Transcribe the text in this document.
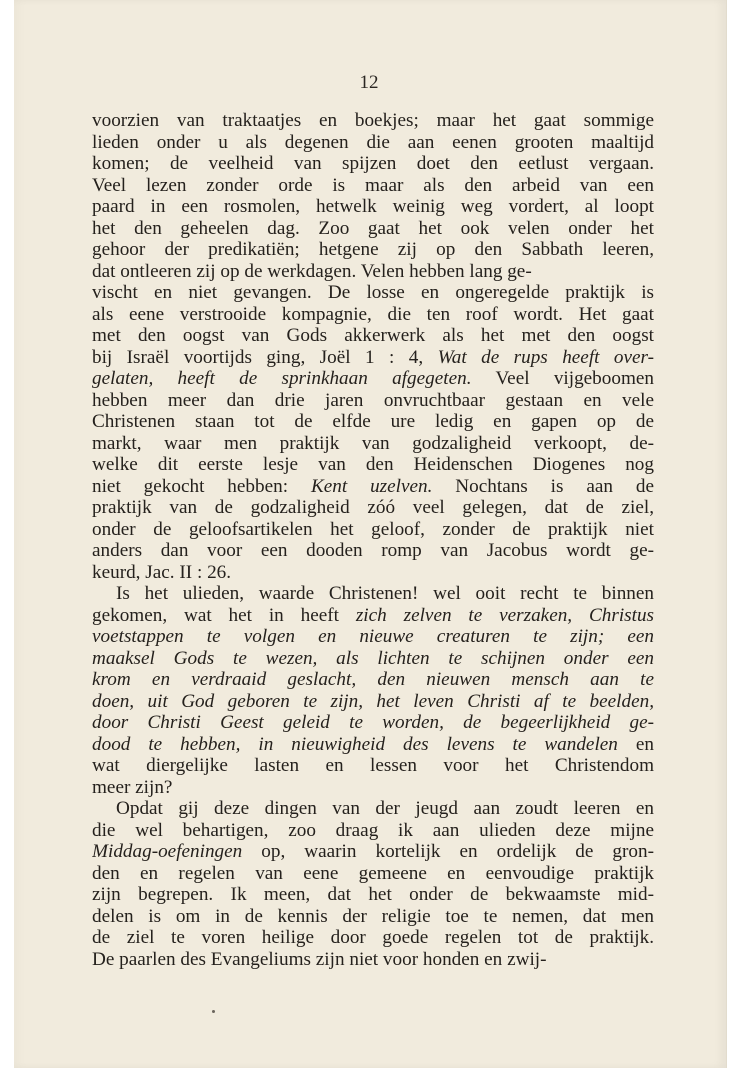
12
voorzien van traktaatjes en boekjes; maar het gaat sommige
lieden onder u als degenen die aan eenen grooten maaltijd
komen; de veelheid van spijzen doet den eetlust vergaan.
Veel lezen zonder orde is maar als den arbeid van een
paard in een rosmolen, hetwelk weinig weg vordert, al loopt
het den geheelen dag. Zoo gaat het ook velen onder het
gehoor der predikatiën; hetgene zij op den Sabbath leeren,
dat ontleeren zij op de werkdagen. Velen hebben lang ge-
vischt en niet gevangen. De losse en ongeregelde praktijk is
als eene verstrooide kompagnie, die ten roof wordt. Het gaat
met den oogst van Gods akkerwerk als het met den oogst
bij Israël voortijds ging, Joël 1 : 4, Wat de rups heeft over-
gelaten, heeft de sprinkhaan afgegeten. Veel vijgeboomen
hebben meer dan drie jaren onvruchtbaar gestaan en vele
Christenen staan tot de elfde ure ledig en gapen op de
markt, waar men praktijk van godzaligheid verkoopt, de-
welke dit eerste lesje van den Heidenschen Diogenes nog
niet gekocht hebben: Kent uzelven. Nochtans is aan de
praktijk van de godzaligheid zóó veel gelegen, dat de ziel,
onder de geloofsartikelen het geloof, zonder de praktijk niet
anders dan voor een dooden romp van Jacobus wordt ge-
keurd, Jac. II : 26.
Is het ulieden, waarde Christenen! wel ooit recht te binnen
gekomen, wat het in heeft zich zelven te verzaken, Christus
voetstappen te volgen en nieuwe creaturen te zijn; een
maaksel Gods te wezen, als lichten te schijnen onder een
krom en verdraaid geslacht, den nieuwen mensch aan te
doen, uit God geboren te zijn, het leven Christi af te beelden,
door Christi Geest geleid te worden, de begeerlijkheid ge-
dood te hebben, in nieuwigheid des levens te wandelen en
wat diergelijke lasten en lessen voor het Christendom
meer zijn?
Opdat gij deze dingen van der jeugd aan zoudt leeren en
die wel behartigen, zoo draag ik aan ulieden deze mijne
Middag-oefeningen op, waarin kortelijk en ordelijk de gron-
den en regelen van eene gemeene en eenvoudige praktijk
zijn begrepen. Ik meen, dat het onder de bekwaamste mid-
delen is om in de kennis der religie toe te nemen, dat men
de ziel te voren heilige door goede regelen tot de praktijk.
De paarlen des Evangeliums zijn niet voor honden en zwij-
